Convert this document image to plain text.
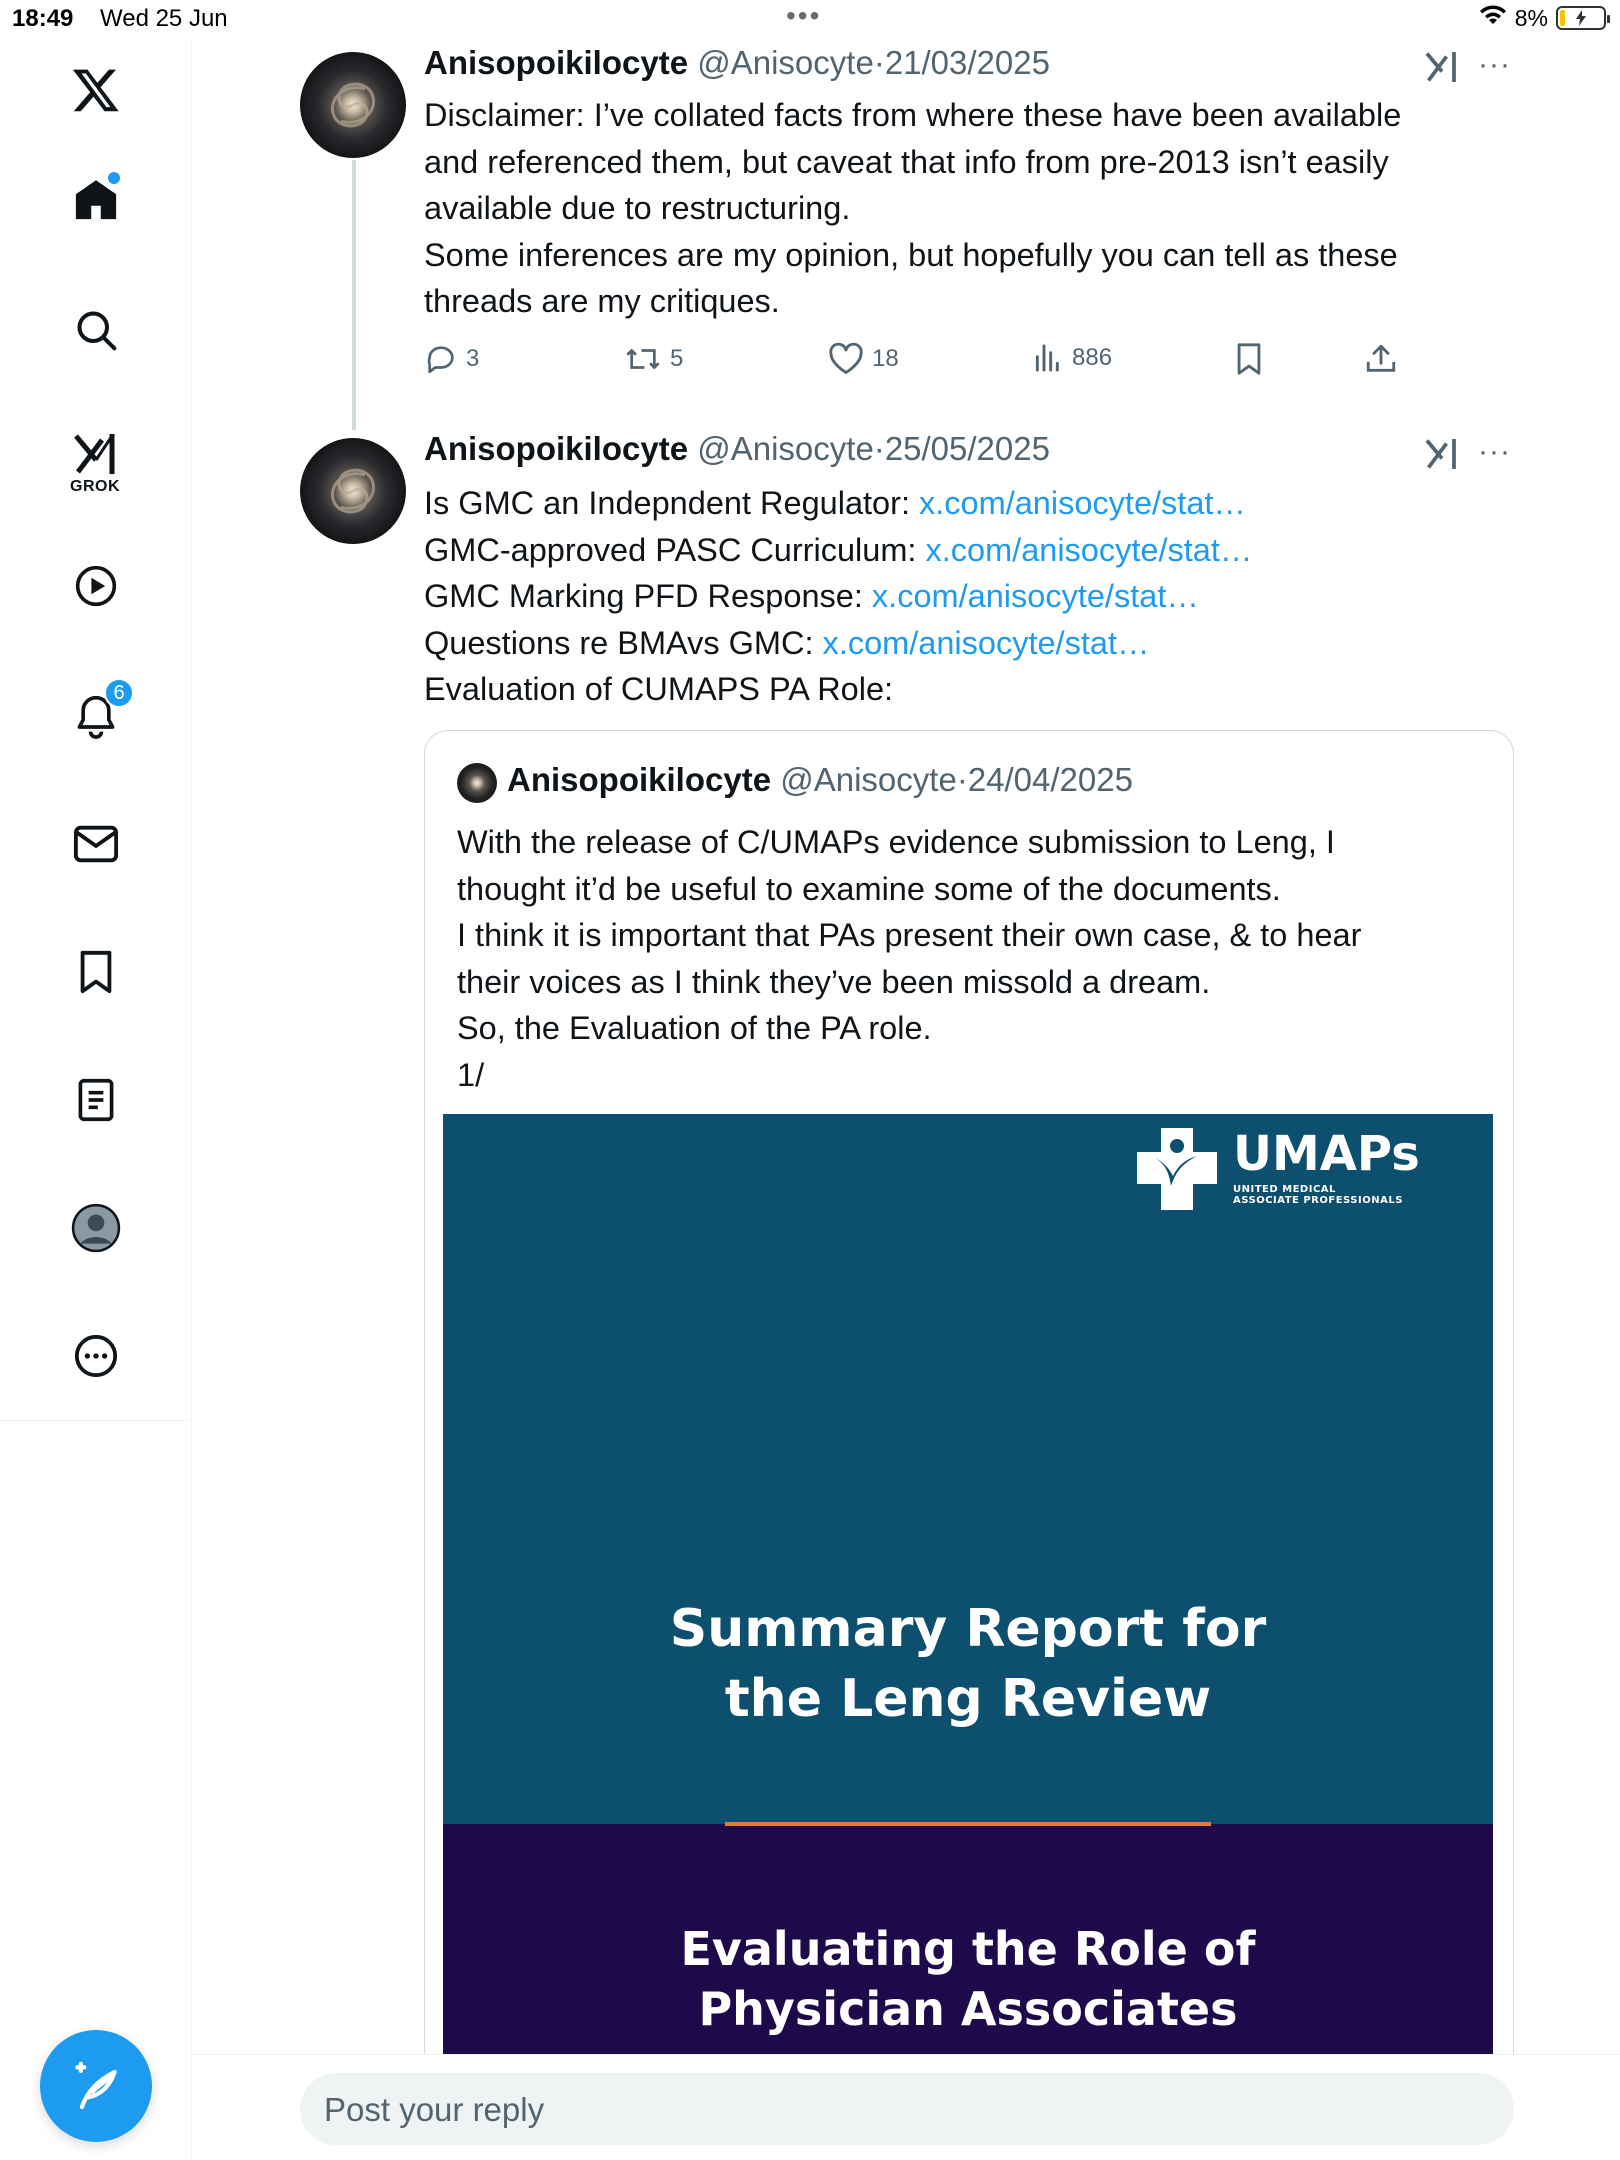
18:49 Wed 25 Jun	•••	8%
GROK
6
Anisopoikilocyte @Anisocyte·21/03/2025	···
Disclaimer: I’ve collated facts from where these have been available
and referenced them, but caveat that info from pre-2013 isn’t easily
available due to restructuring.
Some inferences are my opinion, but hopefully you can tell as these
threads are my critiques.
3	5	18	886
Anisopoikilocyte @Anisocyte·25/05/2025	···
Is GMC an Indepndent Regulator: x.com/anisocyte/stat…
GMC-approved PASC Curriculum: x.com/anisocyte/stat…
GMC Marking PFD Response: x.com/anisocyte/stat…
Questions re BMAvs GMC: x.com/anisocyte/stat…
Evaluation of CUMAPS PA Role:
Anisopoikilocyte @Anisocyte·24/04/2025
With the release of C/UMAPs evidence submission to Leng, I
thought it’d be useful to examine some of the documents.
I think it is important that PAs present their own case, & to hear
their voices as I think they’ve been missold a dream.
So, the Evaluation of the PA role.
1/
UMAPs
UNITED MEDICAL
ASSOCIATE PROFESSIONALS
Summary Report for
the Leng Review
Evaluating the Role of
Physician Associates
Post your reply
